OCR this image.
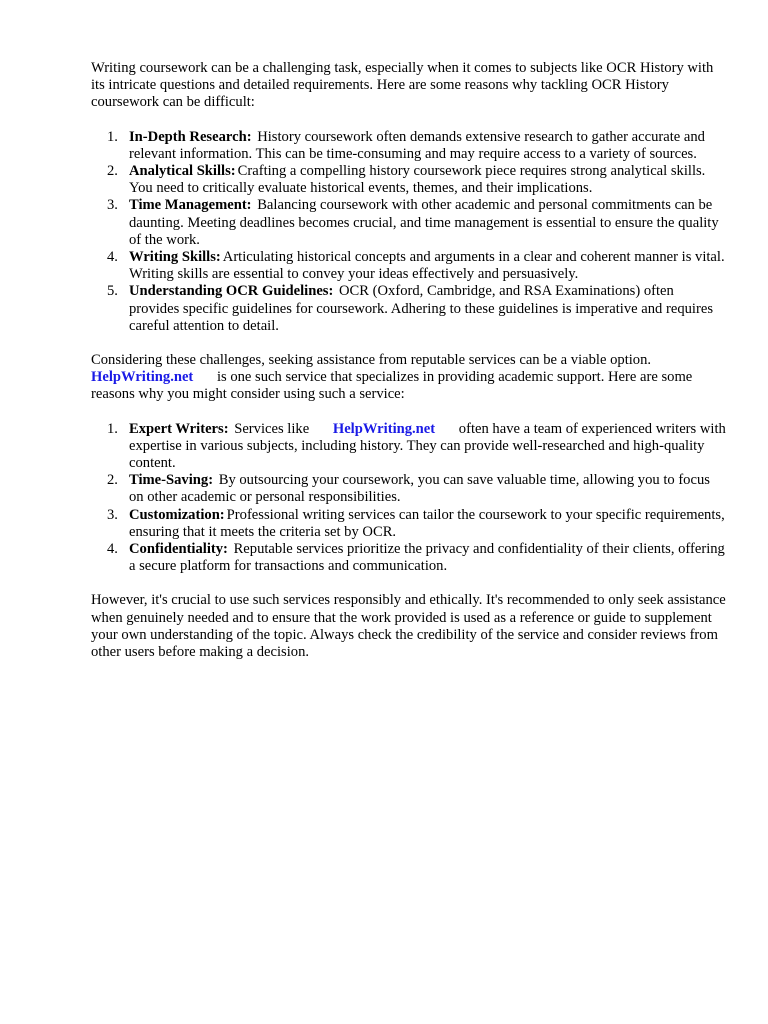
Writing coursework can be a challenging task, especially when it comes to subjects like OCR History with its intricate questions and detailed requirements. Here are some reasons why tackling OCR History coursework can be difficult:

1. In-Depth Research: History coursework often demands extensive research to gather accurate and relevant information. This can be time-consuming and may require access to a variety of sources.
2. Analytical Skills: Crafting a compelling history coursework piece requires strong analytical skills. You need to critically evaluate historical events, themes, and their implications.
3. Time Management: Balancing coursework with other academic and personal commitments can be daunting. Meeting deadlines becomes crucial, and time management is essential to ensure the quality of the work.
4. Writing Skills: Articulating historical concepts and arguments in a clear and coherent manner is vital. Writing skills are essential to convey your ideas effectively and persuasively.
5. Understanding OCR Guidelines: OCR (Oxford, Cambridge, and RSA Examinations) often provides specific guidelines for coursework. Adhering to these guidelines is imperative and requires careful attention to detail.

Considering these challenges, seeking assistance from reputable services can be a viable option. HelpWriting.net is one such service that specializes in providing academic support. Here are some reasons why you might consider using such a service:

1. Expert Writers: Services like HelpWriting.net often have a team of experienced writers with expertise in various subjects, including history. They can provide well-researched and high-quality content.
2. Time-Saving: By outsourcing your coursework, you can save valuable time, allowing you to focus on other academic or personal responsibilities.
3. Customization: Professional writing services can tailor the coursework to your specific requirements, ensuring that it meets the criteria set by OCR.
4. Confidentiality: Reputable services prioritize the privacy and confidentiality of their clients, offering a secure platform for transactions and communication.

However, it's crucial to use such services responsibly and ethically. It's recommended to only seek assistance when genuinely needed and to ensure that the work provided is used as a reference or guide to supplement your own understanding of the topic. Always check the credibility of the service and consider reviews from other users before making a decision.
